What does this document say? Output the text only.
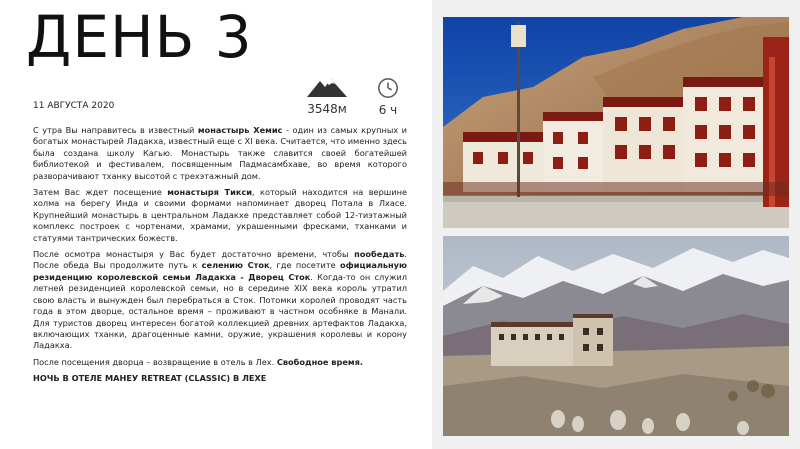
ДЕНЬ 3
3548м	6 ч
11 АВГУСТА 2020

С утра Вы направитесь в известный монастырь Хемис - один из самых крупных и богатых монастырей Ладакха, известный еще с XI века. Считается, что именно здесь была создана школу Кагью. Монастырь также славится своей богатейшей библиотекой и фестивалем, посвященным Падмасамбхаве, во время которого разворачивают тханку высотой с трехэтажный дом.

Затем Вас ждет посещение монастыря Тикси, который находится на вершине холма на берегу Инда и своими формами напоминает дворец Потала в Лхасе. Крупнейший монастырь в центральном Ладакхе представляет собой 12-тиэтажный комплекс построек с чортенами, храмами, украшенными фресками, тханками и статуями тантрических божеств.

После осмотра монастыря у Вас будет достаточно времени, чтобы пообедать. После обеда Вы продолжите путь к селению Сток, где посетите официальную резиденцию королевской семьи Ладакха - Дворец Сток. Когда-то он служил летней резиденцией королевской семьи, но в середине XIX века король утратил свою власть и вынужден был перебраться в Сток. Потомки королей проводят часть года в этом дворце, остальное время – проживают в частном особняке в Манали. Для туристов дворец интересен богатой коллекцией древних артефактов Ладакха, включающих тханки, драгоценные камни, оружие, украшения королевы и корону Ладакха.

После посещения дворца – возвращение в отель в Лех. Свободное время.

НОЧЬ В ОТЕЛЕ МАНЕУ RETREAT (CLASSIC) В ЛЕХЕ
